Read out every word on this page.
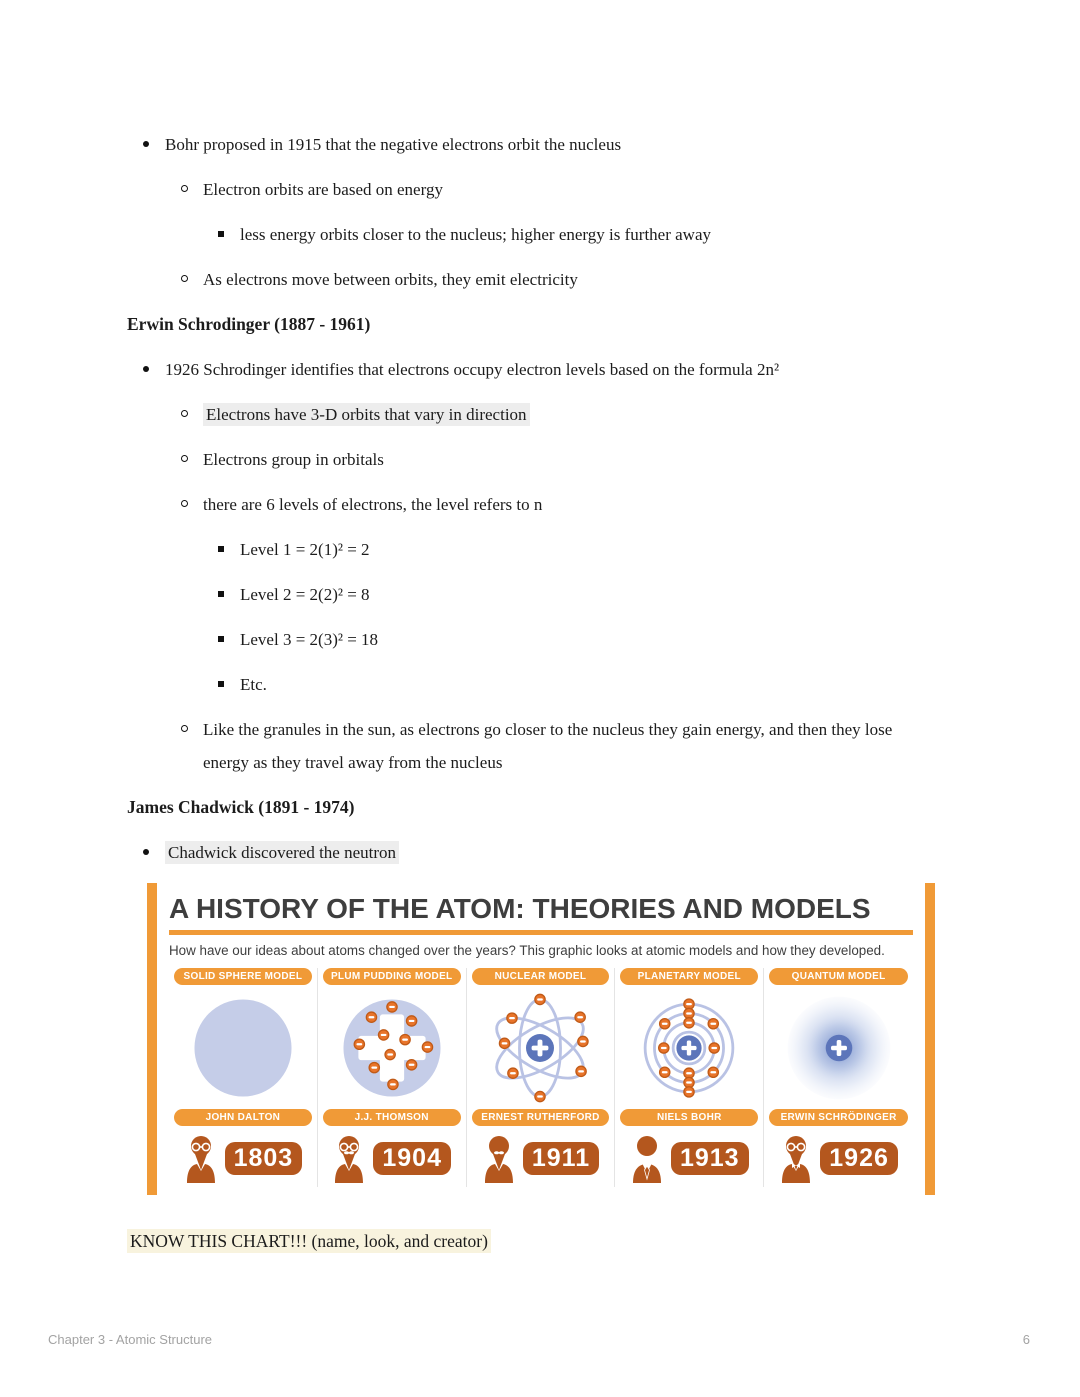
Bohr proposed in 1915 that the negative electrons orbit the nucleus
Electron orbits are based on energy
less energy orbits closer to the nucleus; higher energy is further away
As electrons move between orbits, they emit electricity
Erwin Schrodinger (1887 - 1961)
1926 Schrodinger identifies that electrons occupy electron levels based on the formula 2n²
Electrons have 3-D orbits that vary in direction
Electrons group in orbitals
there are 6 levels of electrons, the level refers to n
Level 1 = 2(1)² = 2
Level 2 = 2(2)² = 8
Level 3 = 2(3)² = 18
Etc.
Like the granules in the sun, as electrons go closer to the nucleus they gain energy, and then they lose energy as they travel away from the nucleus
James Chadwick (1891 - 1974)
Chadwick discovered the neutron
A HISTORY OF THE ATOM: THEORIES AND MODELS
How have our ideas about atoms changed over the years? This graphic looks at atomic models and how they developed.
SOLID SPHERE MODEL
JOHN DALTON
1803
PLUM PUDDING MODEL
J.J. THOMSON
1904
NUCLEAR MODEL
ERNEST RUTHERFORD
1911
PLANETARY MODEL
NIELS BOHR
1913
QUANTUM MODEL
ERWIN SCHRÖDINGER
1926
KNOW THIS CHART!!! (name, look, and creator)
Chapter 3 - Atomic Structure	6
